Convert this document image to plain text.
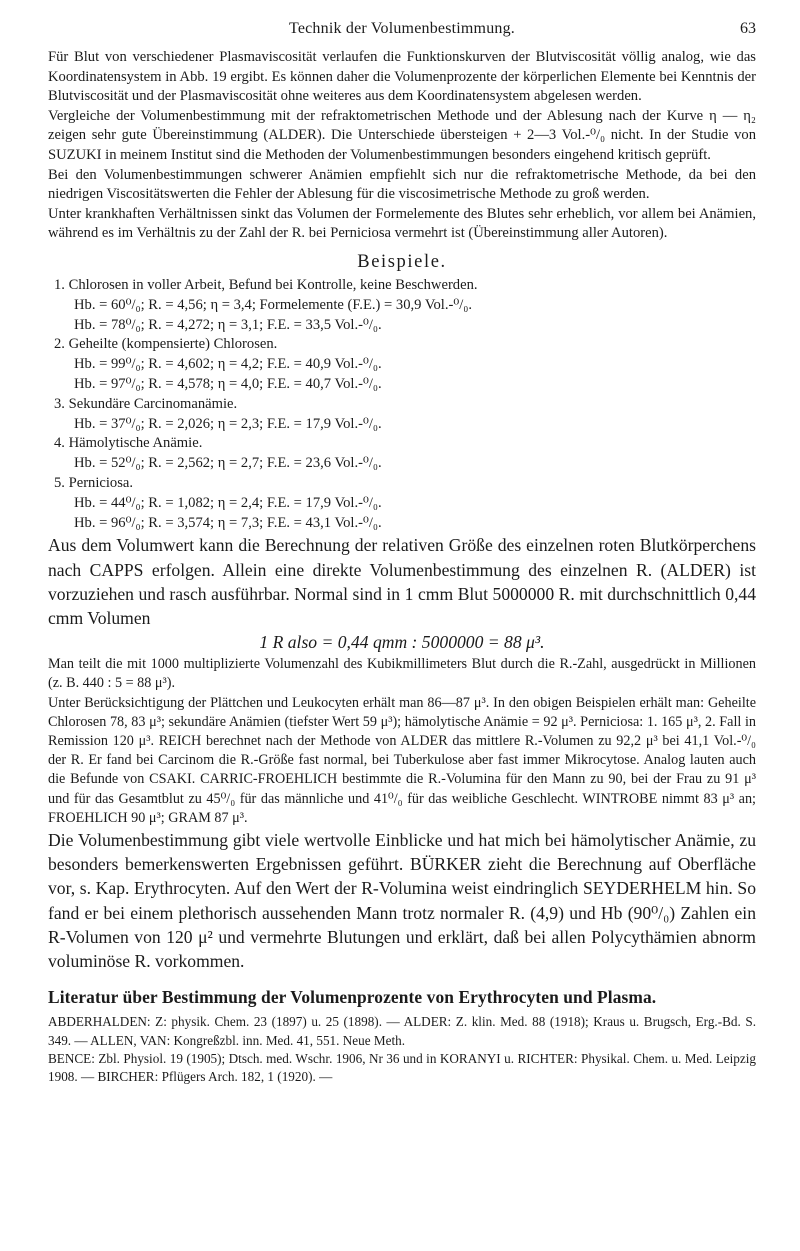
Technik der Volumenbestimmung.	63

Für Blut von verschiedener Plasmaviscosität verlaufen die Funktionskurven der Blutviscosität völlig analog, wie das Koordinatensystem in Abb. 19 ergibt. Es können daher die Volumenprozente der körperlichen Elemente bei Kenntnis der Blutviscosität und der Plasmaviscosität ohne weiteres aus dem Koordinatensystem abgelesen werden.

Vergleiche der Volumenbestimmung mit der refraktometrischen Methode und der Ablesung nach der Kurve η — η₂ zeigen sehr gute Übereinstimmung (ALDER). Die Unterschiede übersteigen + 2—3 Vol.-⁰/₀ nicht. In der Studie von SUZUKI in meinem Institut sind die Methoden der Volumenbestimmungen besonders eingehend kritisch geprüft.

Bei den Volumenbestimmungen schwerer Anämien empfiehlt sich nur die refraktometrische Methode, da bei den niedrigen Viscositätswerten die Fehler der Ablesung für die viscosimetrische Methode zu groß werden.

Unter krankhaften Verhältnissen sinkt das Volumen der Formelemente des Blutes sehr erheblich, vor allem bei Anämien, während es im Verhältnis zu der Zahl der R. bei Perniciosa vermehrt ist (Übereinstimmung aller Autoren).

Beispiele.
1. Chlorosen in voller Arbeit, Befund bei Kontrolle, keine Beschwerden.
Hb. = 60⁰/₀; R. = 4,56; η = 3,4; Formelemente (F.E.) = 30,9 Vol.-⁰/₀.
Hb. = 78⁰/₀; R. = 4,272; η = 3,1; F.E. = 33,5 Vol.-⁰/₀.
2. Geheilte (kompensierte) Chlorosen.
Hb. = 99⁰/₀; R. = 4,602; η = 4,2; F.E. = 40,9 Vol.-⁰/₀.
Hb. = 97⁰/₀; R. = 4,578; η = 4,0; F.E. = 40,7 Vol.-⁰/₀.
3. Sekundäre Carcinomanämie.
Hb. = 37⁰/₀; R. = 2,026; η = 2,3; F.E. = 17,9 Vol.-⁰/₀.
4. Hämolytische Anämie.
Hb. = 52⁰/₀; R. = 2,562; η = 2,7; F.E. = 23,6 Vol.-⁰/₀.
5. Perniciosa.
Hb. = 44⁰/₀; R. = 1,082; η = 2,4; F.E. = 17,9 Vol.-⁰/₀.
Hb. = 96⁰/₀; R. = 3,574; η = 7,3; F.E. = 43,1 Vol.-⁰/₀.

Aus dem Volumwert kann die Berechnung der relativen Größe des einzelnen roten Blutkörperchens nach CAPPS erfolgen. Allein eine direkte Volumenbestimmung des einzelnen R. (ALDER) ist vorzuziehen und rasch ausführbar. Normal sind in 1 cmm Blut 5000000 R. mit durchschnittlich 0,44 cmm Volumen

1 R also = 0,44 qmm : 5000000 = 88 μ³.

Man teilt die mit 1000 multiplizierte Volumenzahl des Kubikmillimeters Blut durch die R.-Zahl, ausgedrückt in Millionen (z. B. 440 : 5 = 88 μ³).

Unter Berücksichtigung der Plättchen und Leukocyten erhält man 86—87 μ³. In den obigen Beispielen erhält man: Geheilte Chlorosen 78, 83 μ³; sekundäre Anämien (tiefster Wert 59 μ³); hämolytische Anämie = 92 μ³. Perniciosa: 1. 165 μ³, 2. Fall in Remission 120 μ³. REICH berechnet nach der Methode von ALDER das mittlere R.-Volumen zu 92,2 μ³ bei 41,1 Vol.-⁰/₀ der R. Er fand bei Carcinom die R.-Größe fast normal, bei Tuberkulose aber fast immer Mikrocytose. Analog lauten auch die Befunde von CSAKI. CARRIC-FROEHLICH bestimmte die R.-Volumina für den Mann zu 90, bei der Frau zu 91 μ³ und für das Gesamtblut zu 45⁰/₀ für das männliche und 41⁰/₀ für das weibliche Geschlecht. WINTROBE nimmt 83 μ³ an; FROEHLICH 90 μ³; GRAM 87 μ³.

Die Volumenbestimmung gibt viele wertvolle Einblicke und hat mich bei hämolytischer Anämie, zu besonders bemerkenswerten Ergebnissen geführt. BÜRKER zieht die Berechnung auf Oberfläche vor, s. Kap. Erythrocyten. Auf den Wert der R-Volumina weist eindringlich SEYDERHELM hin. So fand er bei einem plethorisch aussehenden Mann trotz normaler R. (4,9) und Hb (90⁰/₀) Zahlen ein R-Volumen von 120 μ² und vermehrte Blutungen und erklärt, daß bei allen Polycythämien abnorm voluminöse R. vorkommen.

Literatur über Bestimmung der Volumenprozente von Erythrocyten und Plasma.

ABDERHALDEN: Z: physik. Chem. 23 (1897) u. 25 (1898). — ALDER: Z. klin. Med. 88 (1918); Kraus u. Brugsch, Erg.-Bd. S. 349. — ALLEN, VAN: Kongreßzbl. inn. Med. 41, 551. Neue Meth.

BENCE: Zbl. Physiol. 19 (1905); Dtsch. med. Wschr. 1906, Nr 36 und in KORANYI u. RICHTER: Physikal. Chem. u. Med. Leipzig 1908. — BIRCHER: Pflügers Arch. 182, 1 (1920). —
